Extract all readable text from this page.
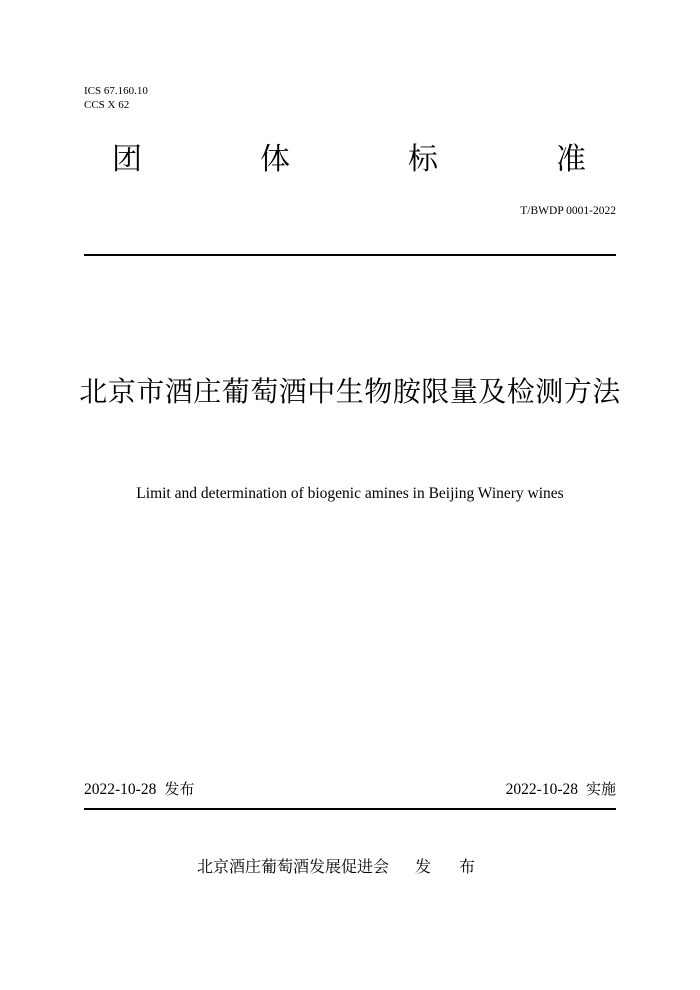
ICS 67.160.10
CCS X 62
团	体	标	准
T/BWDP 0001-2022
北京市酒庄葡萄酒中生物胺限量及检测方法
Limit and determination of biogenic amines in Beijing Winery wines
2022-10-28 发布	2022-10-28 实施
北京酒庄葡萄酒发展促进会 发布
